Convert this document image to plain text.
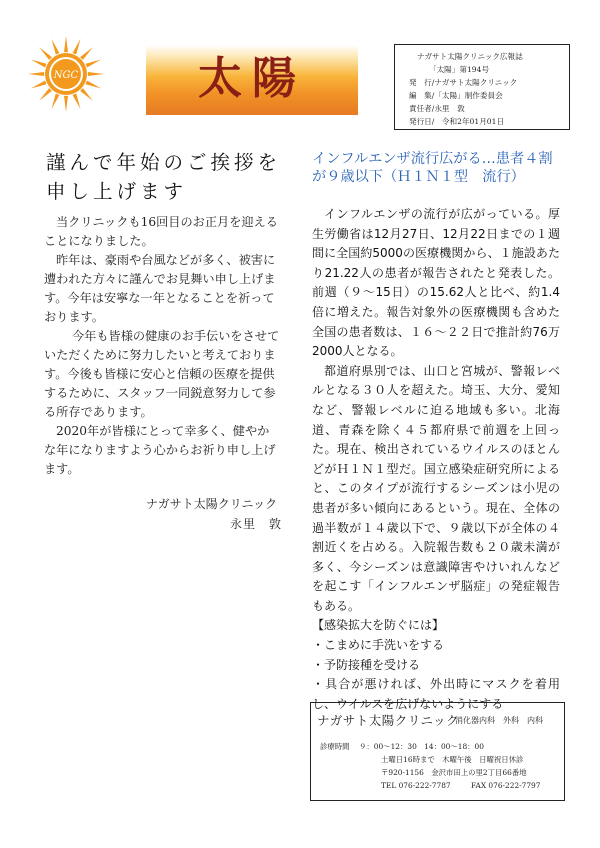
NGC	太陽	ナガサト太陽クリニック広報誌
「太陽」第194号
発　行/ナガサト太陽クリニック
編　集/「太陽」制作委員会
責任者/永里　敦
発行日/　令和2年01月01日
謹んで年始のご挨拶を
申し上げます

当クリニックも16回目のお正月を迎えることになりました。

昨年は、豪雨や台風などが多く、被害に遭われた方々に謹んでお見舞い申し上げます。今年は安寧な一年となることを祈っております。

今年も皆様の健康のお手伝いをさせていただくために努力したいと考えております。今後も皆様に安心と信頼の医療を提供するために、スタッフ一同鋭意努力して参る所存であります。

2020年が皆様にとって幸多く、健やかな年になりますよう心からお祈り申し上げます。

ナガサト太陽クリニック
永里　敦
インフルエンザ流行広がる…患者４割が９歳以下（Ｈ１Ｎ１型　流行）

インフルエンザの流行が広がっている。厚生労働省は12月27日、12月22日までの１週間に全国約5000の医療機関から、１施設あたり21.22人の患者が報告されたと発表した。前週（９～15日）の15.62人と比べ、約1.4倍に増えた。報告対象外の医療機関も含めた全国の患者数は、１６～２２日で推計約76万2000人となる。

都道府県別では、山口と宮城が、警報レベルとなる３０人を超えた。埼玉、大分、愛知など、警報レベルに迫る地域も多い。北海道、青森を除く４５都府県で前週を上回った。現在、検出されているウイルスのほとんどがＨ１Ｎ１型だ。国立感染症研究所によると、このタイプが流行するシーズンは小児の患者が多い傾向にあるという。現在、全体の過半数が１４歳以下で、９歳以下が全体の４割近くを占める。入院報告数も２０歳未満が多く、今シーズンは意識障害やけいれんなどを起こす「インフルエンザ脳症」の発症報告もある。

【感染拡大を防ぐには】

・こまめに手洗いをする

・予防接種を受ける

・具合が悪ければ、外出時にマスクを着用し、ウイルスを広げないようにする

ナガサト太陽クリニック
消化器内科　外科　内科
診療時間 ９：00～12：30　14：00～18：00
土曜日16時まで　木曜午後　日曜祝日休診
〒920-1156　金沢市田上の里2丁目66番地
TEL 076-222-7787	FAX 076-222-7797
